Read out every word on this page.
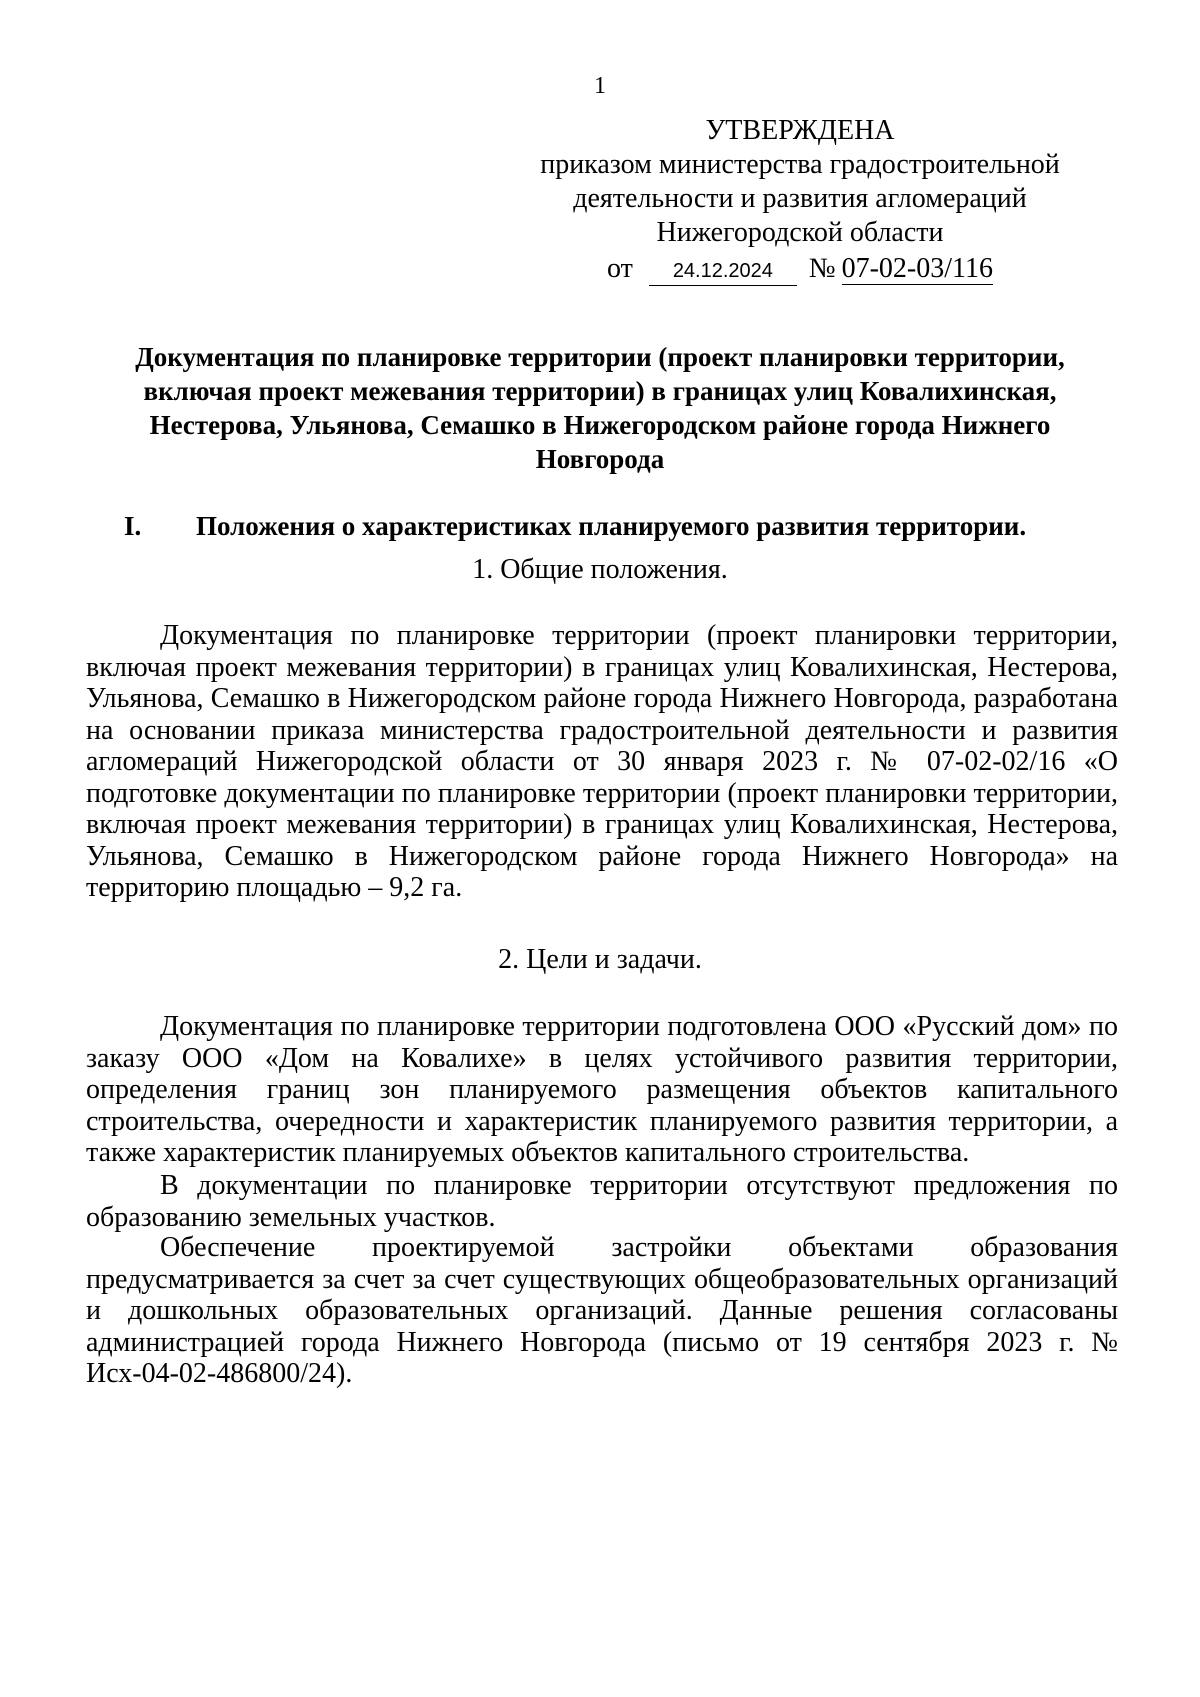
1
УТВЕРЖДЕНА
приказом министерства градостроительной
деятельности и развития агломераций
Нижегородской области
от	24.12.2024	№ 07-02-03/116
Документация по планировке территории (проект планировки территории, включая проект межевания территории) в границах улиц Ковалихинская, Нестерова, Ульянова, Семашко в Нижегородском районе города Нижнего Новгорода
I. Положения о характеристиках планируемого развития территории.
1. Общие положения.

Документация по планировке территории (проект планировки территории, включая проект межевания территории) в границах улиц Ковалихинская, Нестерова, Ульянова, Семашко в Нижегородском районе города Нижнего Новгорода, разработана на основании приказа министерства градостроительной деятельности и развития агломераций Нижегородской области от 30 января 2023 г. № 07-02-02/16 «О подготовке документации по планировке территории (проект планировки территории, включая проект межевания территории) в границах улиц Ковалихинская, Нестерова, Ульянова, Семашко в Нижегородском районе города Нижнего Новгорода» на территорию площадью – 9,2 га.

2. Цели и задачи.

Документация по планировке территории подготовлена ООО «Русский дом» по заказу ООО «Дом на Ковалихе» в целях устойчивого развития территории, определения границ зон планируемого размещения объектов капитального строительства, очередности и характеристик планируемого развития территории, а также характеристик планируемых объектов капитального строительства.

В документации по планировке территории отсутствуют предложения по образованию земельных участков.

Обеспечение проектируемой застройки объектами образования предусматривается за счет за счет существующих общеобразовательных организаций и дошкольных образовательных организаций. Данные решения согласованы администрацией города Нижнего Новгорода (письмо от 19 сентября 2023 г. № Исх-04-02-486800/24).
